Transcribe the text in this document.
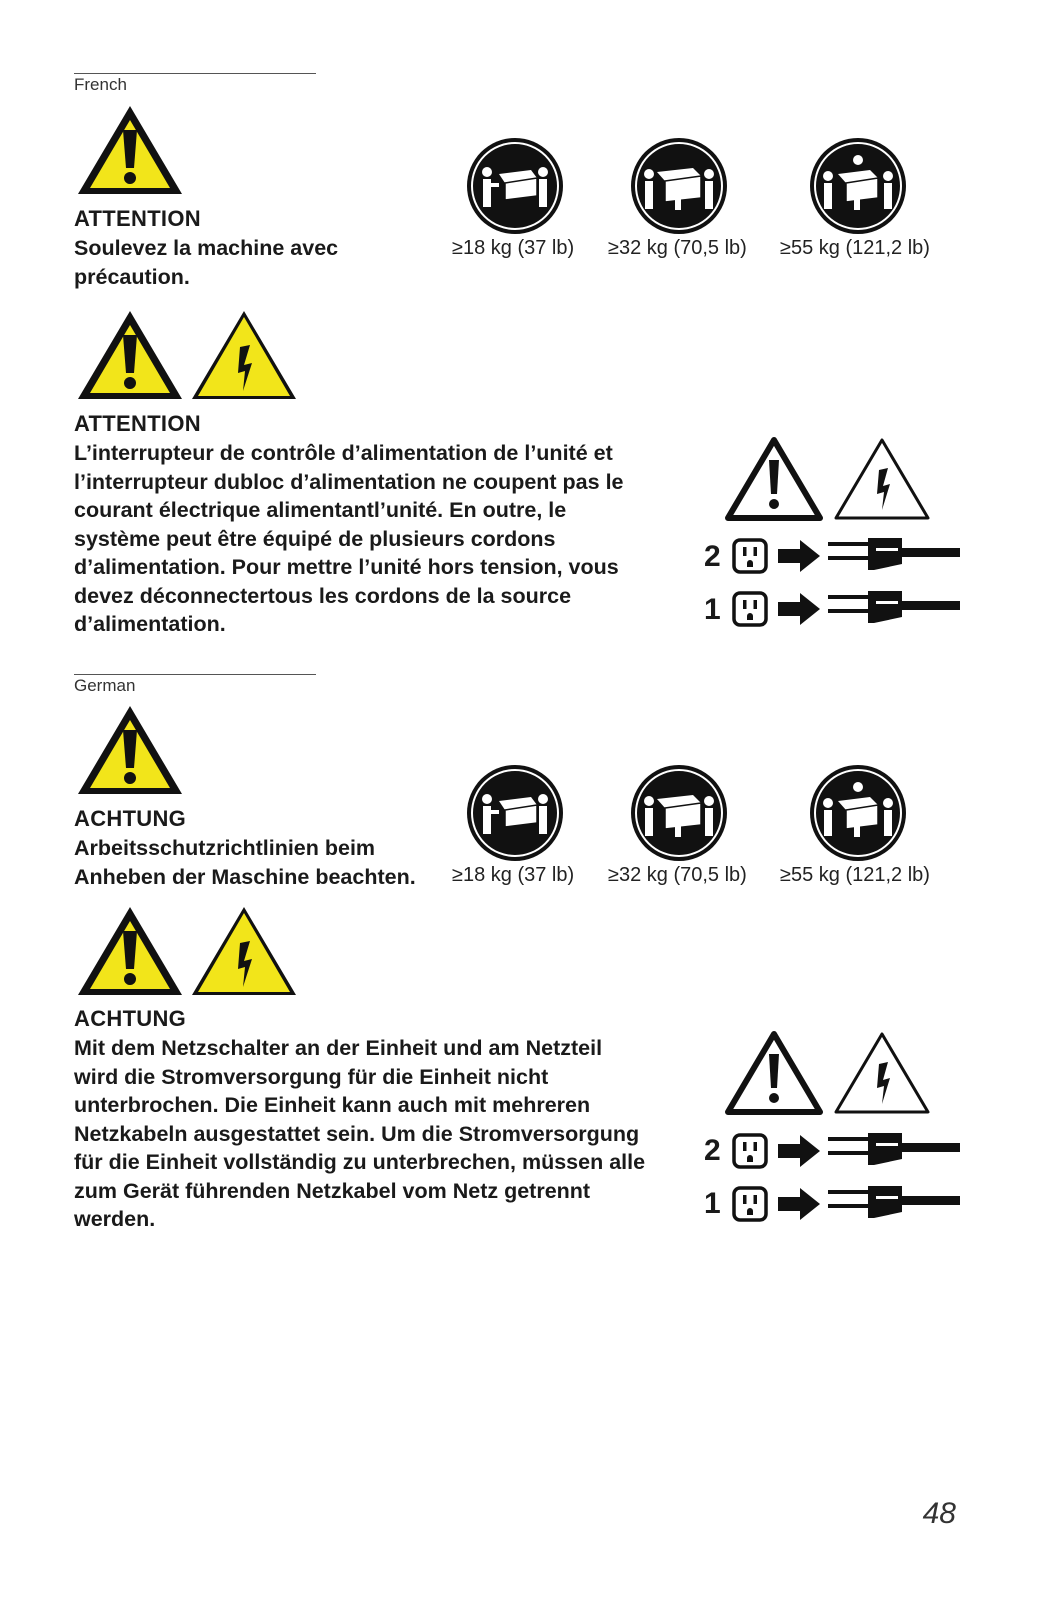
French
ATTENTION
Soulevez la machine avec
précaution.
≥18 kg (37 lb) ≥32 kg (70,5 lb) ≥55 kg (121,2 lb)
ATTENTION
L’interrupteur de contrôle d’alimentation de l’unité et
l’interrupteur dubloc d’alimentation ne coupent pas le
courant électrique alimentantl’unité. En outre, le
système peut être équipé de plusieurs cordons
d’alimentation. Pour mettre l’unité hors tension, vous
devez déconnectertous les cordons de la source
d’alimentation.
2
1
German
ACHTUNG
Arbeitsschutzrichtlinien beim
Anheben der Maschine beachten. ≥18 kg (37 lb) ≥32 kg (70,5 lb) ≥55 kg (121,2 lb)
ACHTUNG
Mit dem Netzschalter an der Einheit und am Netzteil
wird die Stromversorgung für die Einheit nicht
unterbrochen. Die Einheit kann auch mit mehreren
Netzkabeln ausgestattet sein. Um die Stromversorgung
für die Einheit vollständig zu unterbrechen, müssen alle
zum Gerät führenden Netzkabel vom Netz getrennt
werden.
2
1
48
